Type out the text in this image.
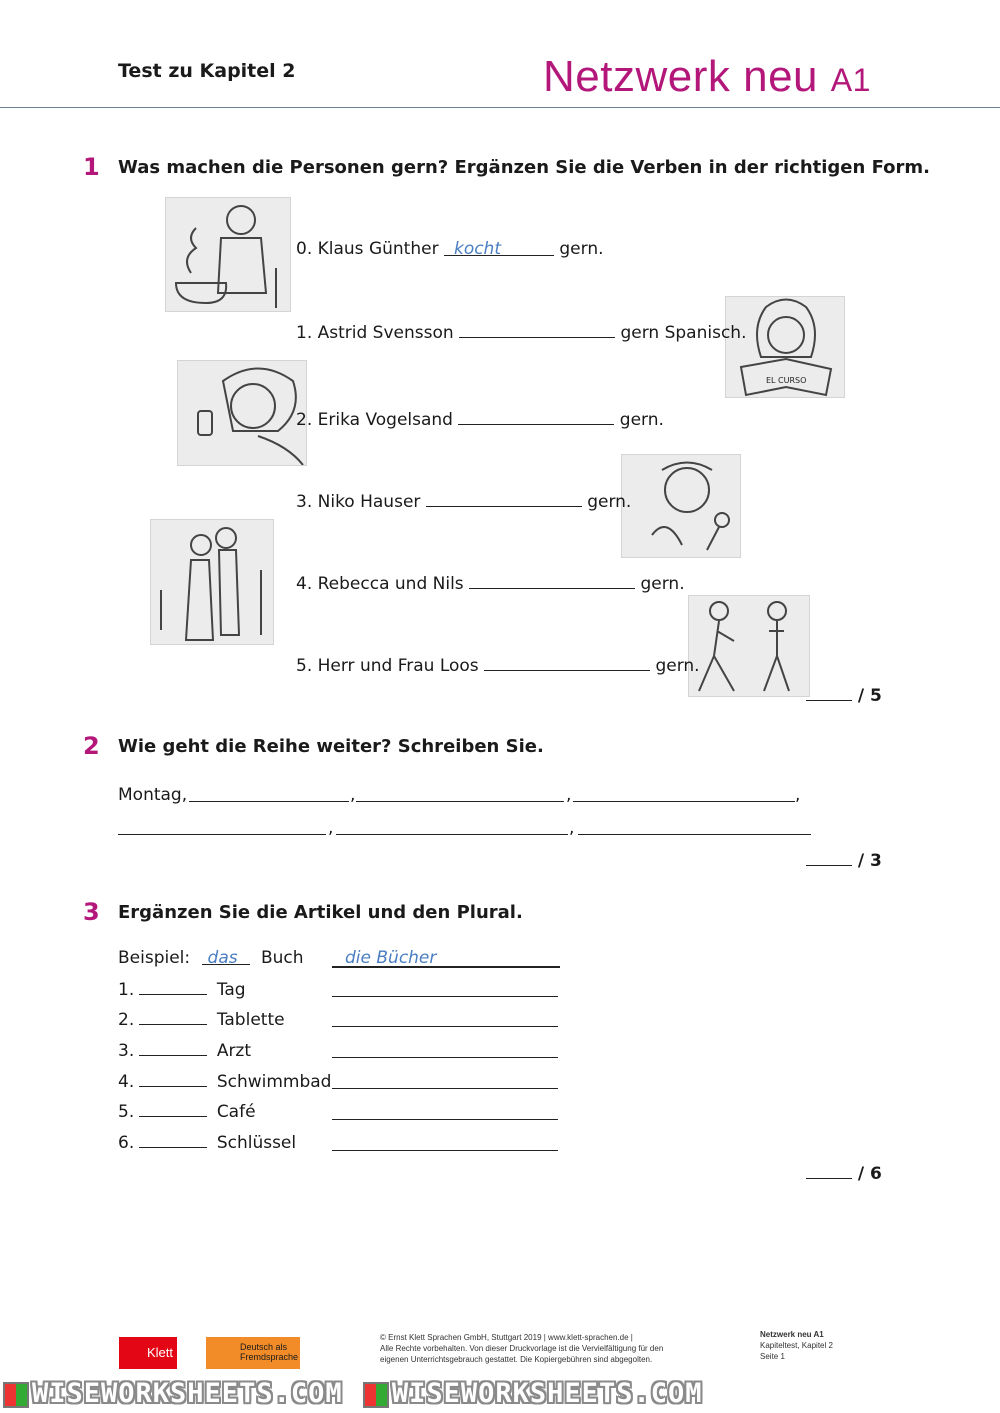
Test zu Kapitel 2	Netzwerk neu A1
1 Was machen die Personen gern? Ergänzen Sie die Verben in der richtigen Form.
EL CURSO
0. Klaus Günther kocht	gern.
1. Astrid Svensson	gern Spanisch.
2. Erika Vogelsand	gern.
3. Niko Hauser	gern.
4. Rebecca und Nils	gern.
5. Herr und Frau Loos	gern.
/ 5
2 Wie geht die Reihe weiter? Schreiben Sie.
Montag,	,	,	,
,	,
/ 3
3 Ergänzen Sie die Artikel und den Plural.
Beispiel: das Buch die Bücher
1.	Tag
2.	Tablette
3.	Arzt
4.	Schwimmbad
5.	Café
6.	Schlüssel
/ 6
Klett	Deutsch als Fremdsprache
© Ernst Klett Sprachen GmbH, Stuttgart 2019 | www.klett-sprachen.de |
Alle Rechte vorbehalten. Von dieser Druckvorlage ist die Vervielfältigung für den
eigenen Unterrichtsgebrauch gestattet. Die Kopiergebühren sind abgegolten.
Netzwerk neu A1
Kapiteltest, Kapitel 2
Seite 1
WISEWORKSHEETS.COM WISEWORKSHEETS.COM
